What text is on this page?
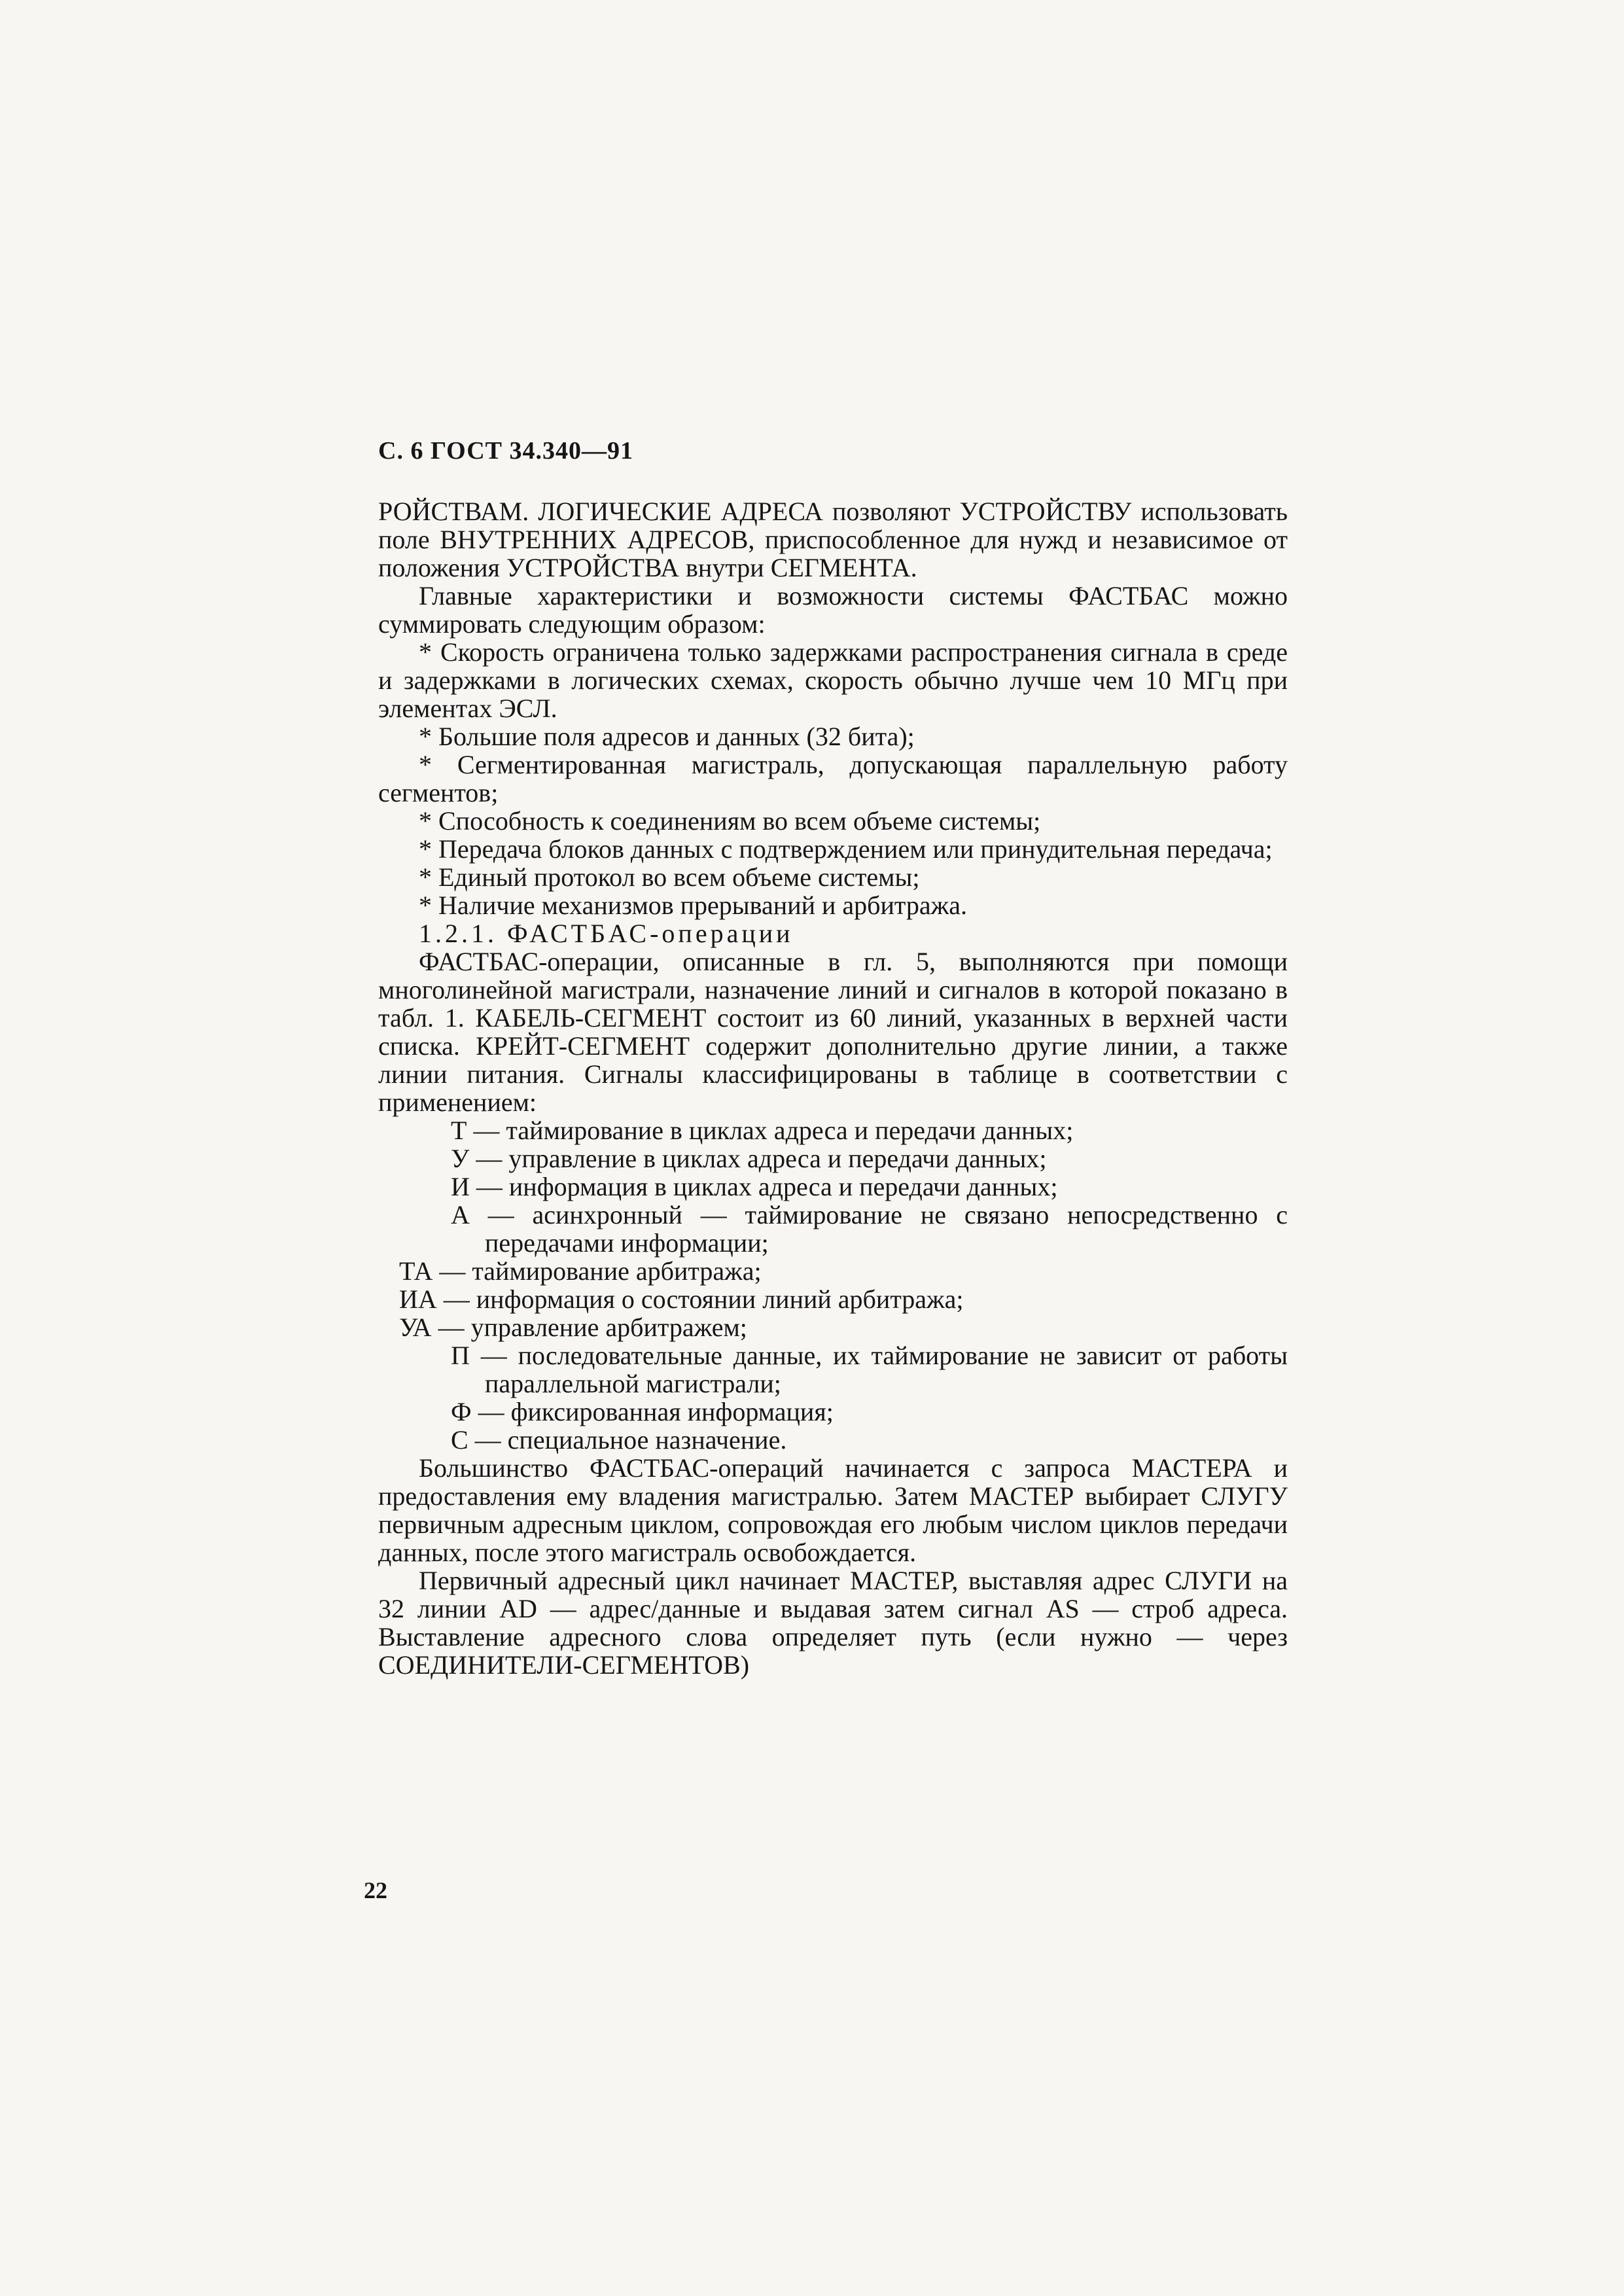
С. 6 ГОСТ 34.340—91

РОЙСТВАМ. ЛОГИЧЕСКИЕ АДРЕСА позволяют УСТРОЙСТВУ использовать поле ВНУТРЕННИХ АДРЕСОВ, приспособленное для нужд и независимое от положения УСТРОЙСТВА внутри СЕГМЕНТА.

Главные характеристики и возможности системы ФАСТБАС можно суммировать следующим образом:

* Скорость ограничена только задержками распространения сигнала в среде и задержками в логических схемах, скорость обычно лучше чем 10 МГц при элементах ЭСЛ.

* Большие поля адресов и данных (32 бита);

* Сегментированная магистраль, допускающая параллельную работу сегментов;

* Способность к соединениям во всем объеме системы;

* Передача блоков данных с подтверждением или принудительная передача;

* Единый протокол во всем объеме системы;

* Наличие механизмов прерываний и арбитража.

1.2.1. ФАСТБАС-операции

ФАСТБАС-операции, описанные в гл. 5, выполняются при помощи многолинейной магистрали, назначение линий и сигналов в которой показано в табл. 1. КАБЕЛЬ-СЕГМЕНТ состоит из 60 линий, указанных в верхней части списка. КРЕЙТ-СЕГМЕНТ содержит дополнительно другие линии, а также линии питания. Сигналы классифицированы в таблице в соответствии с применением:

Т — таймирование в циклах адреса и передачи данных;

У — управление в циклах адреса и передачи данных;

И — информация в циклах адреса и передачи данных;

А — асинхронный — таймирование не связано непосредственно с передачами информации;

ТА — таймирование арбитража;

ИА — информация о состоянии линий арбитража;

УА — управление арбитражем;

П — последовательные данные, их таймирование не зависит от работы параллельной магистрали;

Ф — фиксированная информация;

С — специальное назначение.

Большинство ФАСТБАС-операций начинается с запроса МАСТЕРА и предоставления ему владения магистралью. Затем МАСТЕР выбирает СЛУГУ первичным адресным циклом, сопровождая его любым числом циклов передачи данных, после этого магистраль освобождается.

Первичный адресный цикл начинает МАСТЕР, выставляя адрес СЛУГИ на 32 линии AD — адрес/данные и выдавая затем сигнал AS — строб адреса. Выставление адресного слова определяет путь (если нужно — через СОЕДИНИТЕЛИ-СЕГМЕНТОВ)

22
